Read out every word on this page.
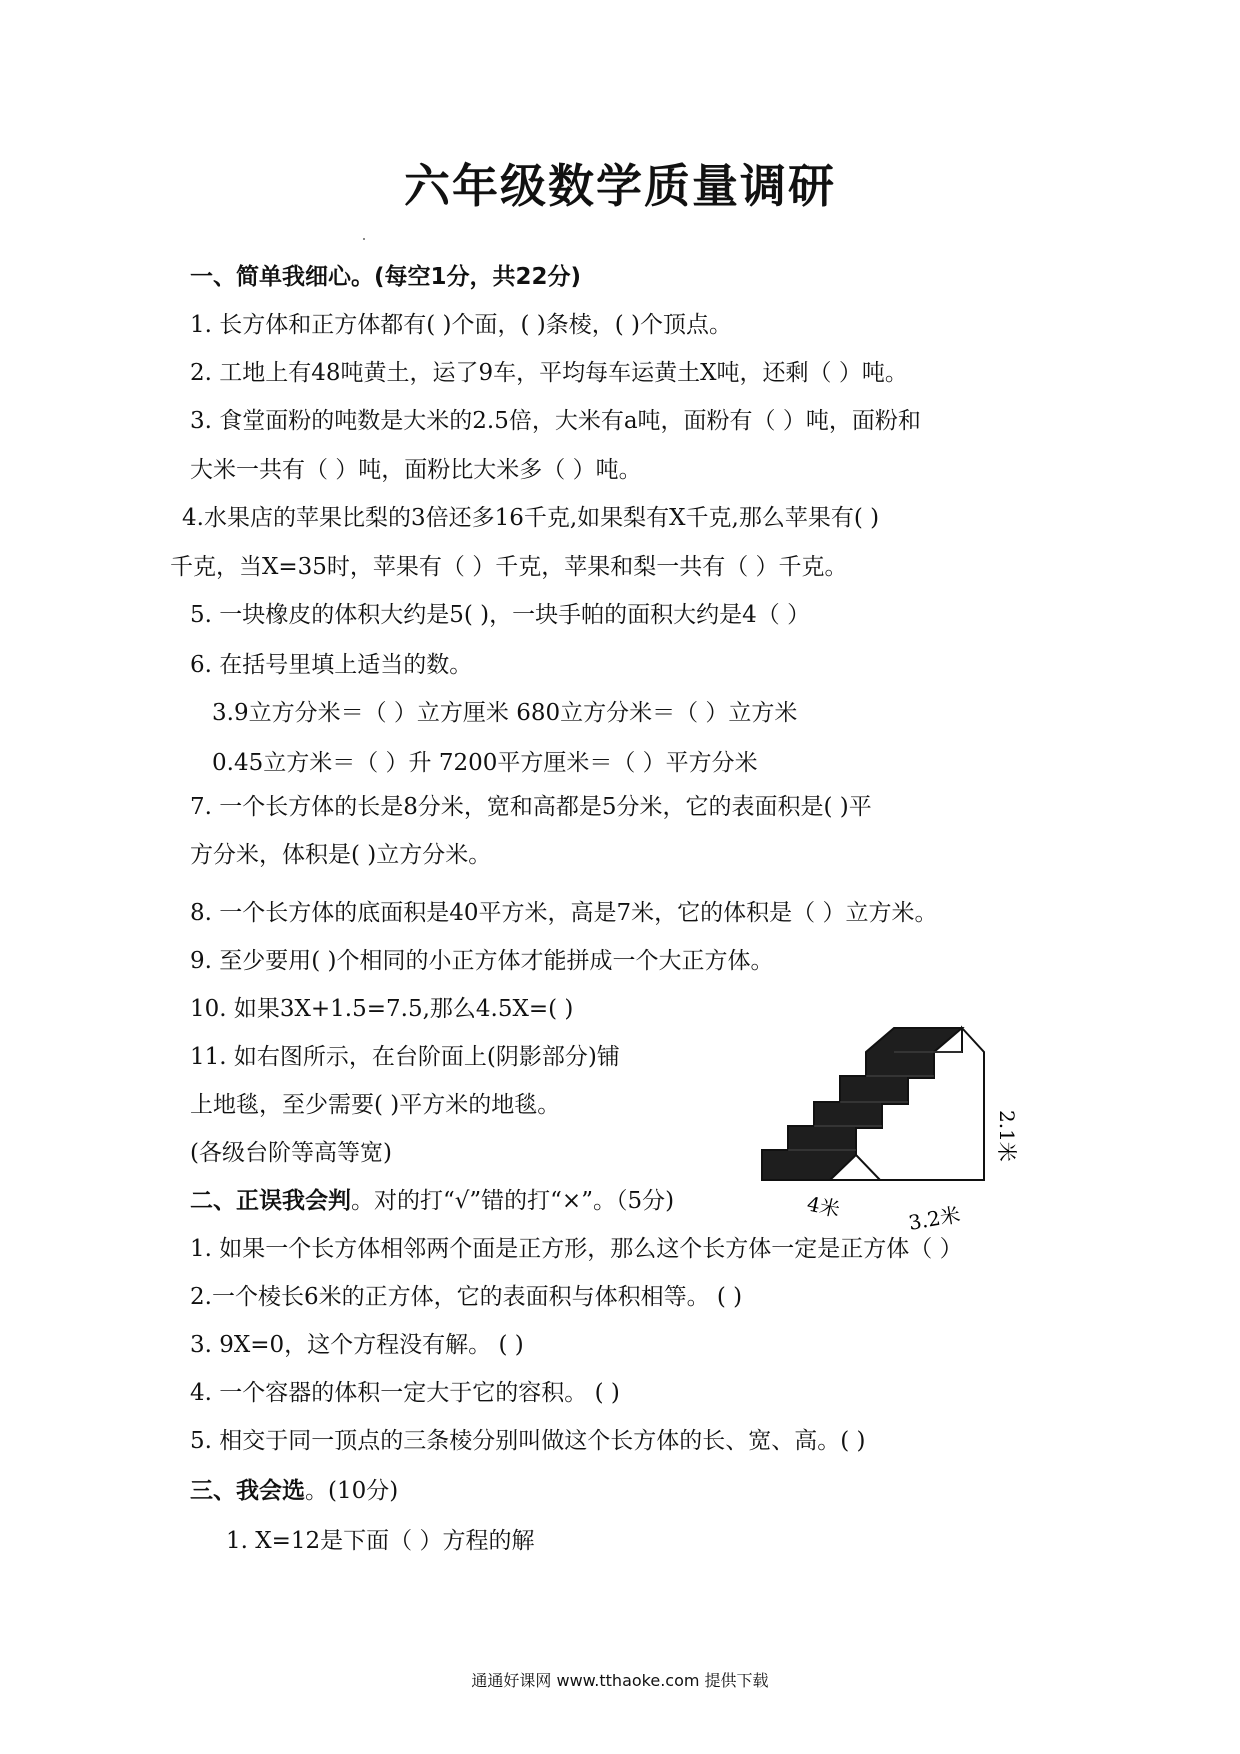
六年级数学质量调研
一、简单我细心。(每空1分，共22分)
1. 长方体和正方体都有( )个面，( )条棱，( )个顶点。
2. 工地上有48吨黄土，运了9车，平均每车运黄土X吨，还剩（ ）吨。
3. 食堂面粉的吨数是大米的2.5倍，大米有a吨，面粉有（ ）吨，面粉和
大米一共有（ ）吨，面粉比大米多（ ）吨。
4.水果店的苹果比梨的3倍还多16千克,如果梨有X千克,那么苹果有( )
千克，当X=35时，苹果有（ ）千克，苹果和梨一共有（ ）千克。
5. 一块橡皮的体积大约是5( )，一块手帕的面积大约是4（ ）
6. 在括号里填上适当的数。
3.9立方分米＝（ ）立方厘米 680立方分米＝（ ）立方米
0.45立方米＝（ ）升 7200平方厘米＝（ ）平方分米
7. 一个长方体的长是8分米，宽和高都是5分米，它的表面积是( )平
方分米，体积是( )立方分米。
8. 一个长方体的底面积是40平方米，高是7米，它的体积是（ ）立方米。
9. 至少要用( )个相同的小正方体才能拼成一个大正方体。
10. 如果3X+1.5=7.5,那么4.5X=( )
11. 如右图所示，在台阶面上(阴影部分)铺
上地毯，至少需要( )平方米的地毯。
(各级台阶等高等宽)	2.1米
4米	3.2米
二、正误我会判。对的打“√”错的打“×”。（5分)
1. 如果一个长方体相邻两个面是正方形，那么这个长方体一定是正方体（ ）
2.一个棱长6米的正方体，它的表面积与体积相等。 ( )
3. 9X=0，这个方程没有解。 ( )
4. 一个容器的体积一定大于它的容积。 ( )
5. 相交于同一顶点的三条棱分别叫做这个长方体的长、宽、高。( )
三、我会选。(10分)
1. X=12是下面（ ）方程的解
通通好课网 www.tthaoke.com 提供下载
